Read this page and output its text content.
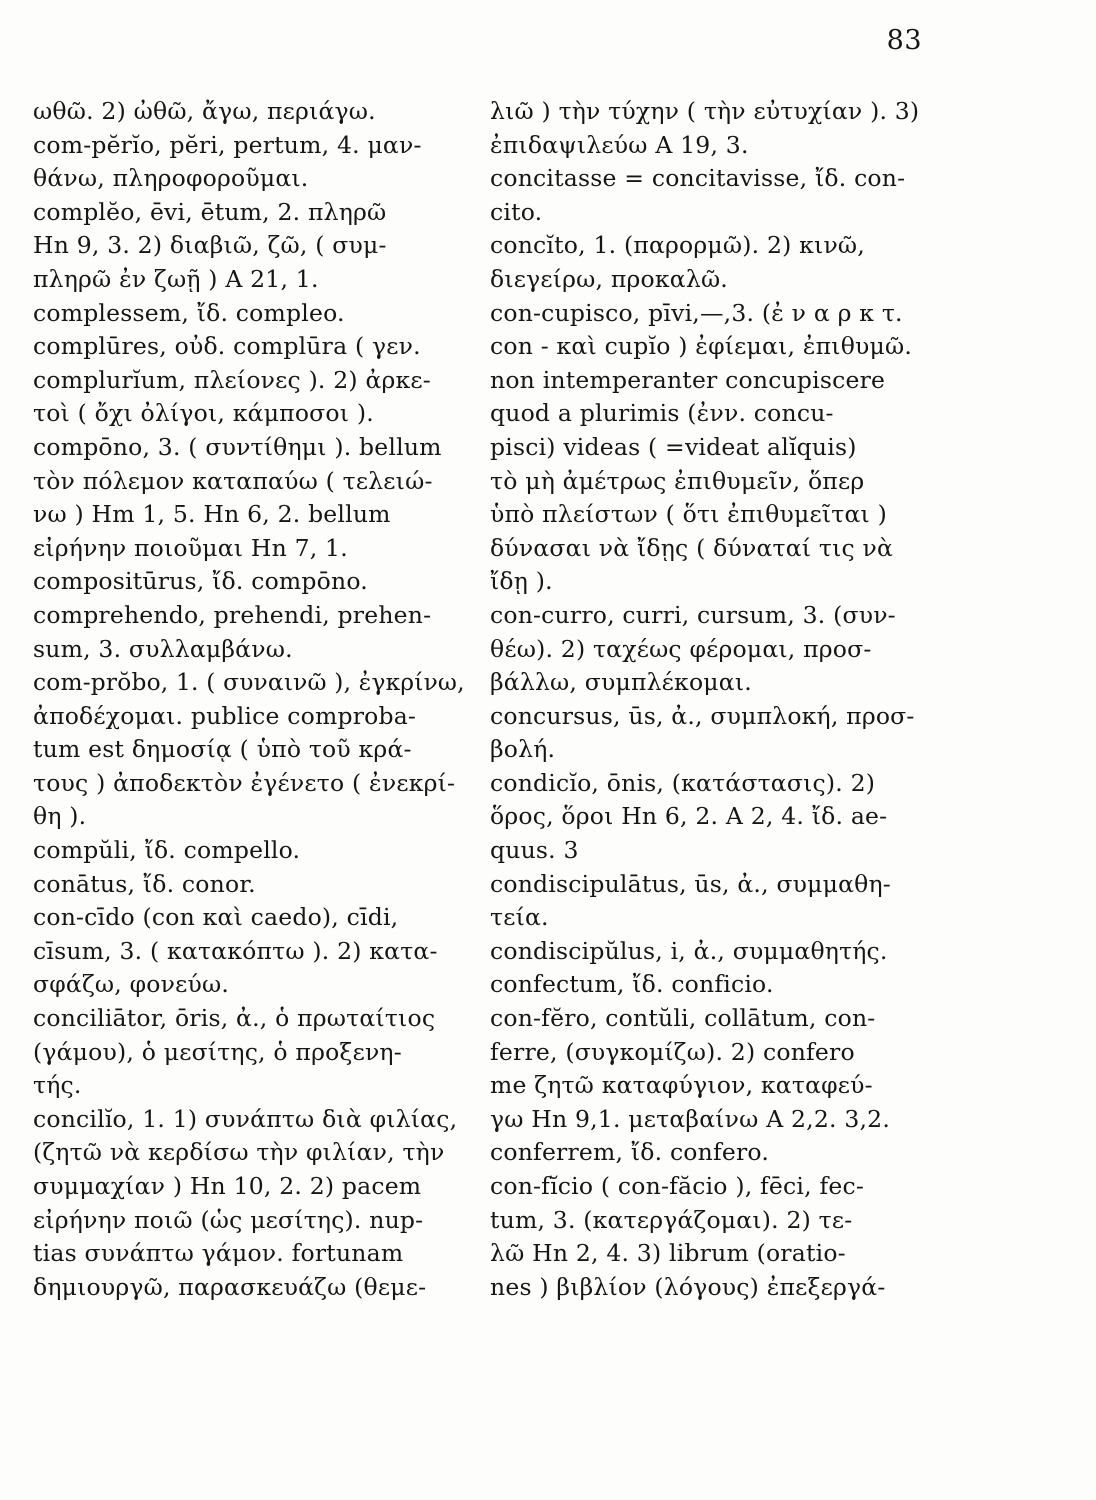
83
ωθῶ. 2) ὠθῶ, ἄγω, περιάγω.
com-pĕrĭo, pĕri, pertum, 4. μαν-
θάνω, πληροφοροῦμαι.
complĕo, ēvi, ētum, 2. πληρῶ
Hn 9, 3. 2) διαβιῶ, ζῶ, ( συμ-
πληρῶ ἐν ζωῇ ) A 21, 1.
complessem, ἴδ. compleo.
complūres, οὐδ. complūra ( γεν.
complurĭum, πλείονες ). 2) ἀρκε-
τοὶ ( ὄχι ὀλίγοι, κάμποσοι ).
compōno, 3. ( συντίθημι ). bellum
τὸν πόλεμον καταπαύω ( τελειώ-
νω ) Hm 1, 5. Hn 6, 2. bellum
εἰρήνην ποιοῦμαι Hn 7, 1.
compositūrus, ἴδ. compōno.
comprehendo, prehendi, prehen-
sum, 3. συλλαμβάνω.
com-prŏbo, 1. ( συναινῶ ), ἐγκρίνω,
ἀποδέχομαι. publice comproba-
tum est δημοσίᾳ ( ὑπὸ τοῦ κρά-
τους ) ἀποδεκτὸν ἐγένετο ( ἐνεκρί-
θη ).
compŭli, ἴδ. compello.
conātus, ἴδ. conor.
con-cīdo (con καὶ caedo), cīdi,
cīsum, 3. ( κατακόπτω ). 2) κατα-
σφάζω, φονεύω.
conciliātor, ōris, ἀ., ὁ πρωταίτιος
(γάμου), ὁ μεσίτης, ὁ προξενη-
τής.
concilĭo, 1. 1) συνάπτω διὰ φιλίας,
(ζητῶ νὰ κερδίσω τὴν φιλίαν, τὴν
συμμαχίαν ) Hn 10, 2. 2) pacem
εἰρήνην ποιῶ (ὡς μεσίτης). nup-
tias συνάπτω γάμον. fortunam
δημιουργῶ, παρασκευάζω (θεμε-
λιῶ ) τὴν τύχην ( τὴν εὐτυχίαν ). 3)
ἐπιδαψιλεύω A 19, 3.
concitasse = concitavisse, ἴδ. con-
cito.
concĭto, 1. (παρορμῶ). 2) κινῶ,
διεγείρω, προκαλῶ.
con-cupisco, pīvi,—,3. (ἐ ν α ρ κ τ.
con - καὶ cupĭo ) ἐφίεμαι, ἐπιθυμῶ.
non intemperanter concupiscere
quod a plurimis (ἐνν. concu-
pisci) videas ( =videat alĭquis)
τὸ μὴ ἀμέτρως ἐπιθυμεῖν, ὅπερ
ὑπὸ πλείστων ( ὅτι ἐπιθυμεῖται )
δύνασαι νὰ ἴδῃς ( δύναταί τις νὰ
ἴδῃ ).
con-curro, curri, cursum, 3. (συν-
θέω). 2) ταχέως φέρομαι, προσ-
βάλλω, συμπλέκομαι.
concursus, ūs, ἀ., συμπλοκή, προσ-
βολή.
condicĭo, ōnis, (κατάστασις). 2)
ὅρος, ὅροι Hn 6, 2. A 2, 4. ἴδ. ae-
quus. 3
condiscipulātus, ūs, ἀ., συμμαθη-
τεία.
condiscipŭlus, i, ἀ., συμμαθητής.
confectum, ἴδ. conficio.
con-fĕro, contŭli, collātum, con-
ferre, (συγκομίζω). 2) confero
me ζητῶ καταφύγιον, καταφεύ-
γω Hn 9,1. μεταβαίνω A 2,2. 3,2.
conferrem, ἴδ. confero.
con-fĭcio ( con-făcio ), fēci, fec-
tum, 3. (κατεργάζομαι). 2) τε-
λῶ Hn 2, 4. 3) librum (oratio-
nes ) βιβλίον (λόγους) ἐπεξεργά-
